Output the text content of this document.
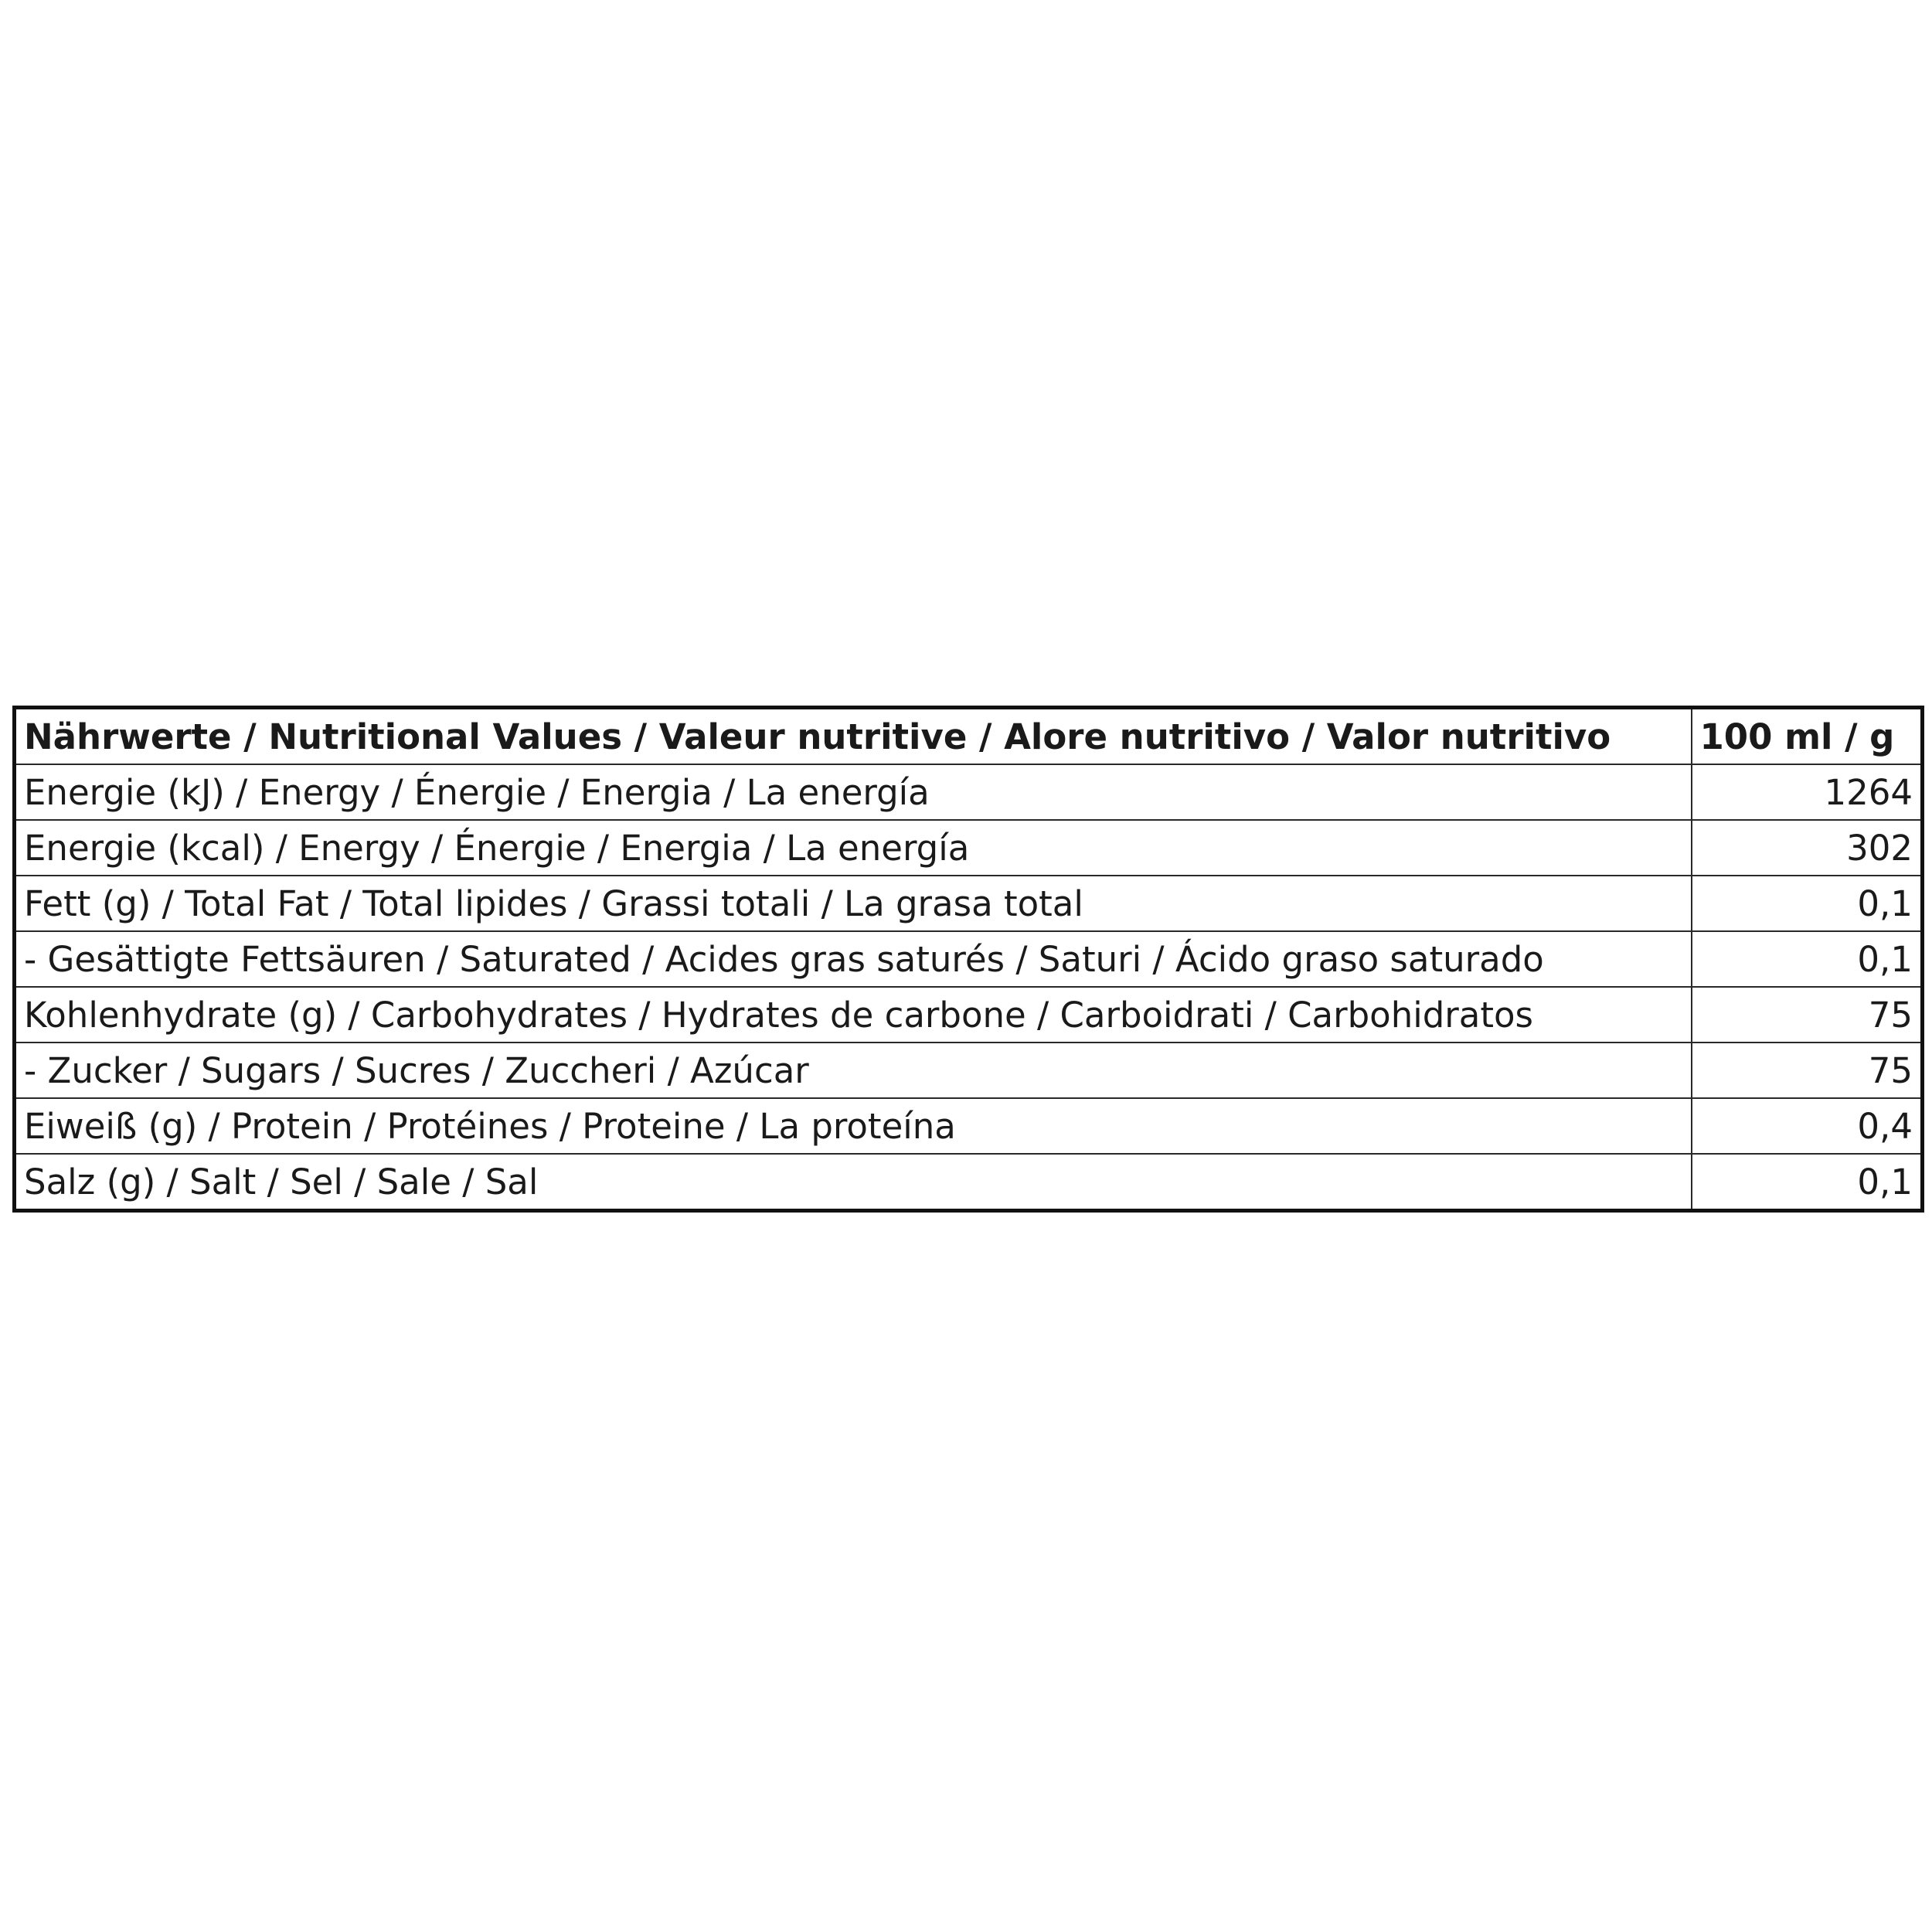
Nährwerte / Nutritional Values / Valeur nutritive / Alore nutritivo / Valor nutritivo	100 ml / g
Energie (kJ) / Energy / Énergie / Energia / La energía	1264
Energie (kcal) / Energy / Énergie / Energia / La energía	302
Fett (g) / Total Fat / Total lipides / Grassi totali / La grasa total	0,1
- Gesättigte Fettsäuren / Saturated / Acides gras saturés / Saturi / Ácido graso saturado	0,1
Kohlenhydrate (g) / Carbohydrates / Hydrates de carbone / Carboidrati / Carbohidratos	75
- Zucker / Sugars / Sucres / Zuccheri / Azúcar	75
Eiweiß (g) / Protein / Protéines / Proteine / La proteína	0,4
Salz (g) / Salt / Sel / Sale / Sal	0,1
